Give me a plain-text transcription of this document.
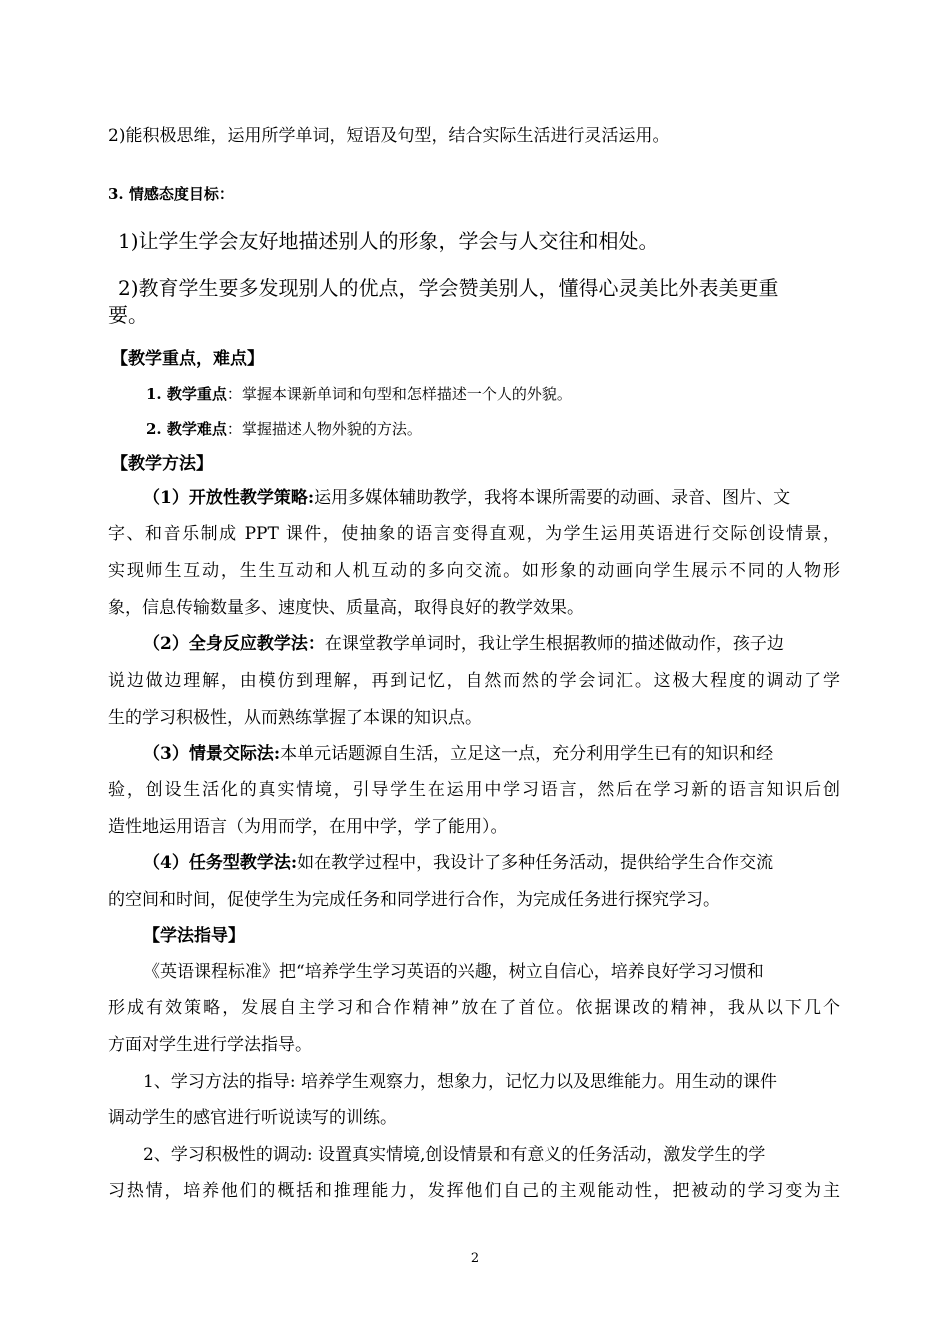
2)能积极思维，运用所学单词，短语及句型，结合实际生活进行灵活运用。

3. 情感态度目标：

1)让学生学会友好地描述别人的形象，学会与人交往和相处。

2)教育学生要多发现别人的优点，学会赞美别人，懂得心灵美比外表美更重

要。

【教学重点，难点】

1. 教学重点：掌握本课新单词和句型和怎样描述一个人的外貌。

2. 教学难点：掌握描述人物外貌的方法。

【教学方法】

（1）开放性教学策略:运用多媒体辅助教学，我将本课所需要的动画、录音、图片、文

字、和音乐制成 PPT 课件，使抽象的语言变得直观，为学生运用英语进行交际创设情景，

实现师生互动，生生互动和人机互动的多向交流。如形象的动画向学生展示不同的人物形

象，信息传输数量多、速度快、质量高，取得良好的教学效果。

（2）全身反应教学法：在课堂教学单词时，我让学生根据教师的描述做动作，孩子边

说边做边理解，由模仿到理解，再到记忆，自然而然的学会词汇。这极大程度的调动了学

生的学习积极性，从而熟练掌握了本课的知识点。

（3）情景交际法:本单元话题源自生活，立足这一点，充分利用学生已有的知识和经

验，创设生活化的真实情境，引导学生在运用中学习语言，然后在学习新的语言知识后创

造性地运用语言（为用而学，在用中学，学了能用）。

（4）任务型教学法:如在教学过程中，我设计了多种任务活动，提供给学生合作交流

的空间和时间，促使学生为完成任务和同学进行合作，为完成任务进行探究学习。

【学法指导】

《英语课程标准》把“培养学生学习英语的兴趣，树立自信心，培养良好学习习惯和

形成有效策略，发展自主学习和合作精神”放在了首位。依据课改的精神，我从以下几个

方面对学生进行学法指导。

1、学习方法的指导: 培养学生观察力，想象力，记忆力以及思维能力。用生动的课件

调动学生的感官进行听说读写的训练。

2、学习积极性的调动: 设置真实情境,创设情景和有意义的任务活动，激发学生的学

习热情，培养他们的概括和推理能力，发挥他们自己的主观能动性，把被动的学习变为主

2
